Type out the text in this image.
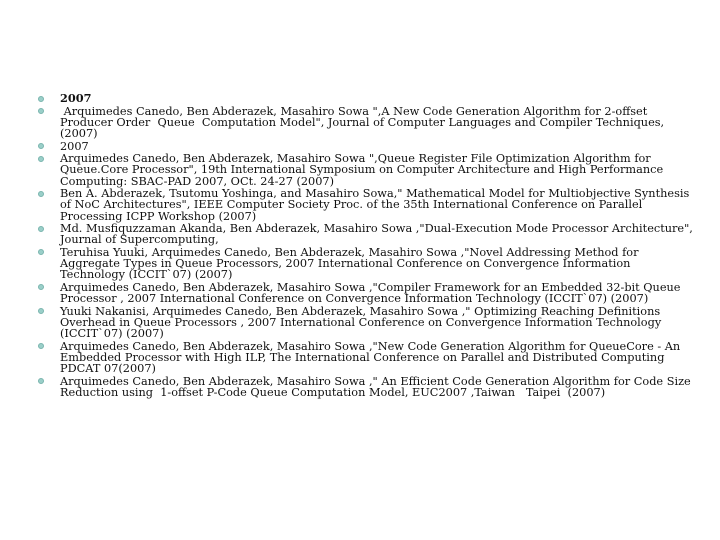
2007
Arquimedes Canedo, Ben Abderazek, Masahiro Sowa ",A New Code Generation Algorithm for 2-offset Producer Order  Queue  Computation Model", Journal of Computer Languages and Compiler Techniques, (2007)
2007
Arquimedes Canedo, Ben Abderazek, Masahiro Sowa ",Queue Register File Optimization Algorithm for Queue.Core Processor", 19th International Symposium on Computer Architecture and High Performance Computing: SBAC-PAD 2007, OCt. 24-27 (2007)
Ben A. Abderazek, Tsutomu Yoshinga, and Masahiro Sowa," Mathematical Model for Multiobjective Synthesis of NoC Architectures", IEEE Computer Society Proc. of the 35th International Conference on Parallel Processing ICPP Workshop (2007)
Md. Musfiquzzaman Akanda, Ben Abderazek, Masahiro Sowa ,"Dual-Execution Mode Processor Architecture", Journal of Supercomputing,
Teruhisa Yuuki, Arquimedes Canedo, Ben Abderazek, Masahiro Sowa ,"Novel Addressing Method for Aggregate Types in Queue Processors, 2007 International Conference on Convergence Information Technology (ICCIT`07) (2007)
Arquimedes Canedo, Ben Abderazek, Masahiro Sowa ,"Compiler Framework for an Embedded 32-bit Queue Processor , 2007 International Conference on Convergence Information Technology (ICCIT`07) (2007)
Yuuki Nakanisi, Arquimedes Canedo, Ben Abderazek, Masahiro Sowa ," Optimizing Reaching Definitions Overhead in Queue Processors , 2007 International Conference on Convergence Information Technology (ICCIT`07) (2007)
Arquimedes Canedo, Ben Abderazek, Masahiro Sowa ,"New Code Generation Algorithm for QueueCore - An Embedded Processor with High ILP, The International Conference on Parallel and Distributed Computing PDCAT 07(2007)
Arquimedes Canedo, Ben Abderazek, Masahiro Sowa ," An Efficient Code Generation Algorithm for Code Size Reduction using  1-offset P-Code Queue Computation Model, EUC2007 ,Taiwan   Taipei  (2007)
